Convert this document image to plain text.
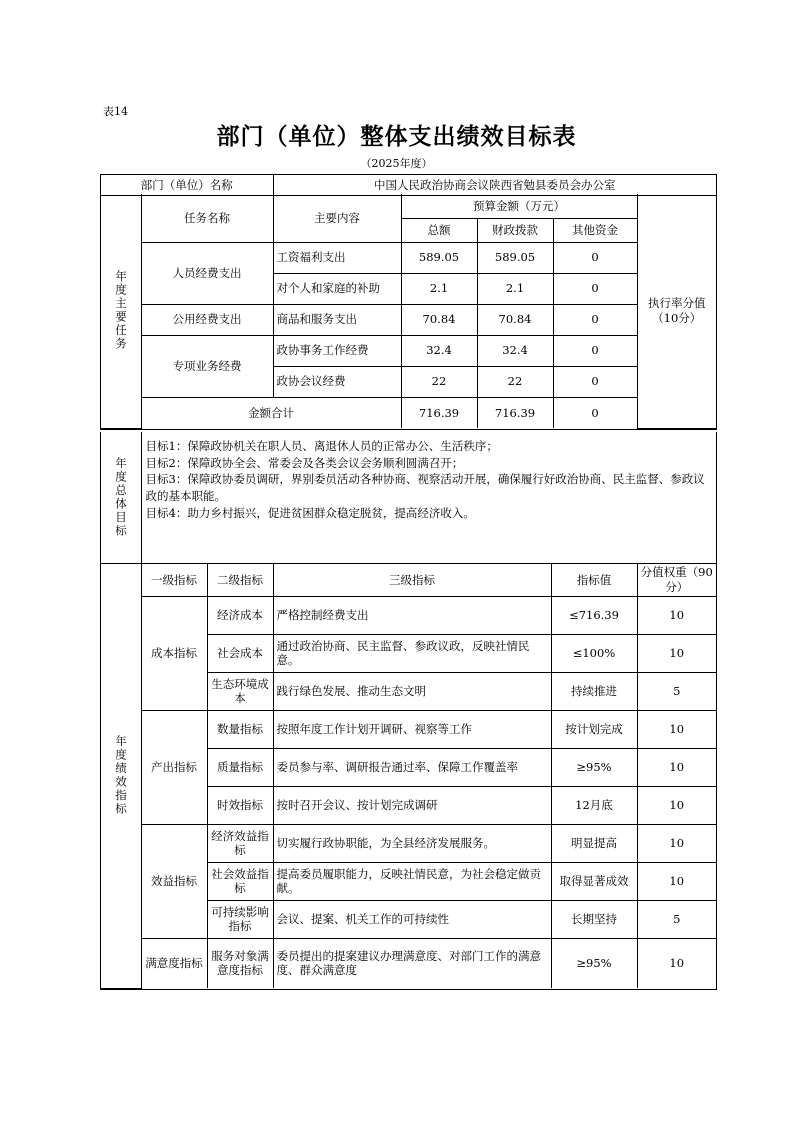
表14
部门（单位）整体支出绩效目标表
（2025年度）
部门（单位）名称	中国人民政治协商会议陕西省勉县委员会办公室
年度主要任务	任务名称	主要内容	预算金额（万元）			执行率分值（10分）
			总额	财政拨款	其他资金	
	人员经费支出	工资福利支出	589.05	589.05	0	
		对个人和家庭的补助	2.1	2.1	0	
	公用经费支出	商品和服务支出	70.84	70.84	0	
	专项业务经费	政协事务工作经费	32.4	32.4	0	
		政协会议经费	22	22	0	
	金额合计		716.39	716.39	0	
年度总体目标

目标1：保障政协机关在职人员、离退休人员的正常办公、生活秩序；
目标2：保障政协全会、常委会及各类会议会务顺利圆满召开；
目标3：保障政协委员调研，界别委员活动各种协商、视察活动开展，确保履行好政治协商、民主监督、参政议政的基本职能。
目标4：助力乡村振兴，促进贫困群众稳定脱贫，提高经济收入。
年度绩效指标	一级指标	二级指标	三级指标	指标值	分值权重（90分）
	成本指标	经济成本	严格控制经费支出	≤716.39	10
		社会成本	通过政治协商、民主监督、参政议政，反映社情民意。	≤100%	10
		生态环境成本	践行绿色发展、推动生态文明	持续推进	5
	产出指标	数量指标	按照年度工作计划开调研、视察等工作	按计划完成	10
		质量指标	委员参与率、调研报告通过率、保障工作覆盖率	≥95%	10
		时效指标	按时召开会议、按计划完成调研	12月底	10
	效益指标	经济效益指标	切实履行政协职能，为全县经济发展服务。	明显提高	10
		社会效益指标	提高委员履职能力，反映社情民意，为社会稳定做贡献。	取得显著成效	10
		可持续影响指标	会议、提案、机关工作的可持续性	长期坚持	5
	满意度指标	服务对象满意度指标	委员提出的提案建议办理满意度、对部门工作的满意度、群众满意度	≥95%	10
